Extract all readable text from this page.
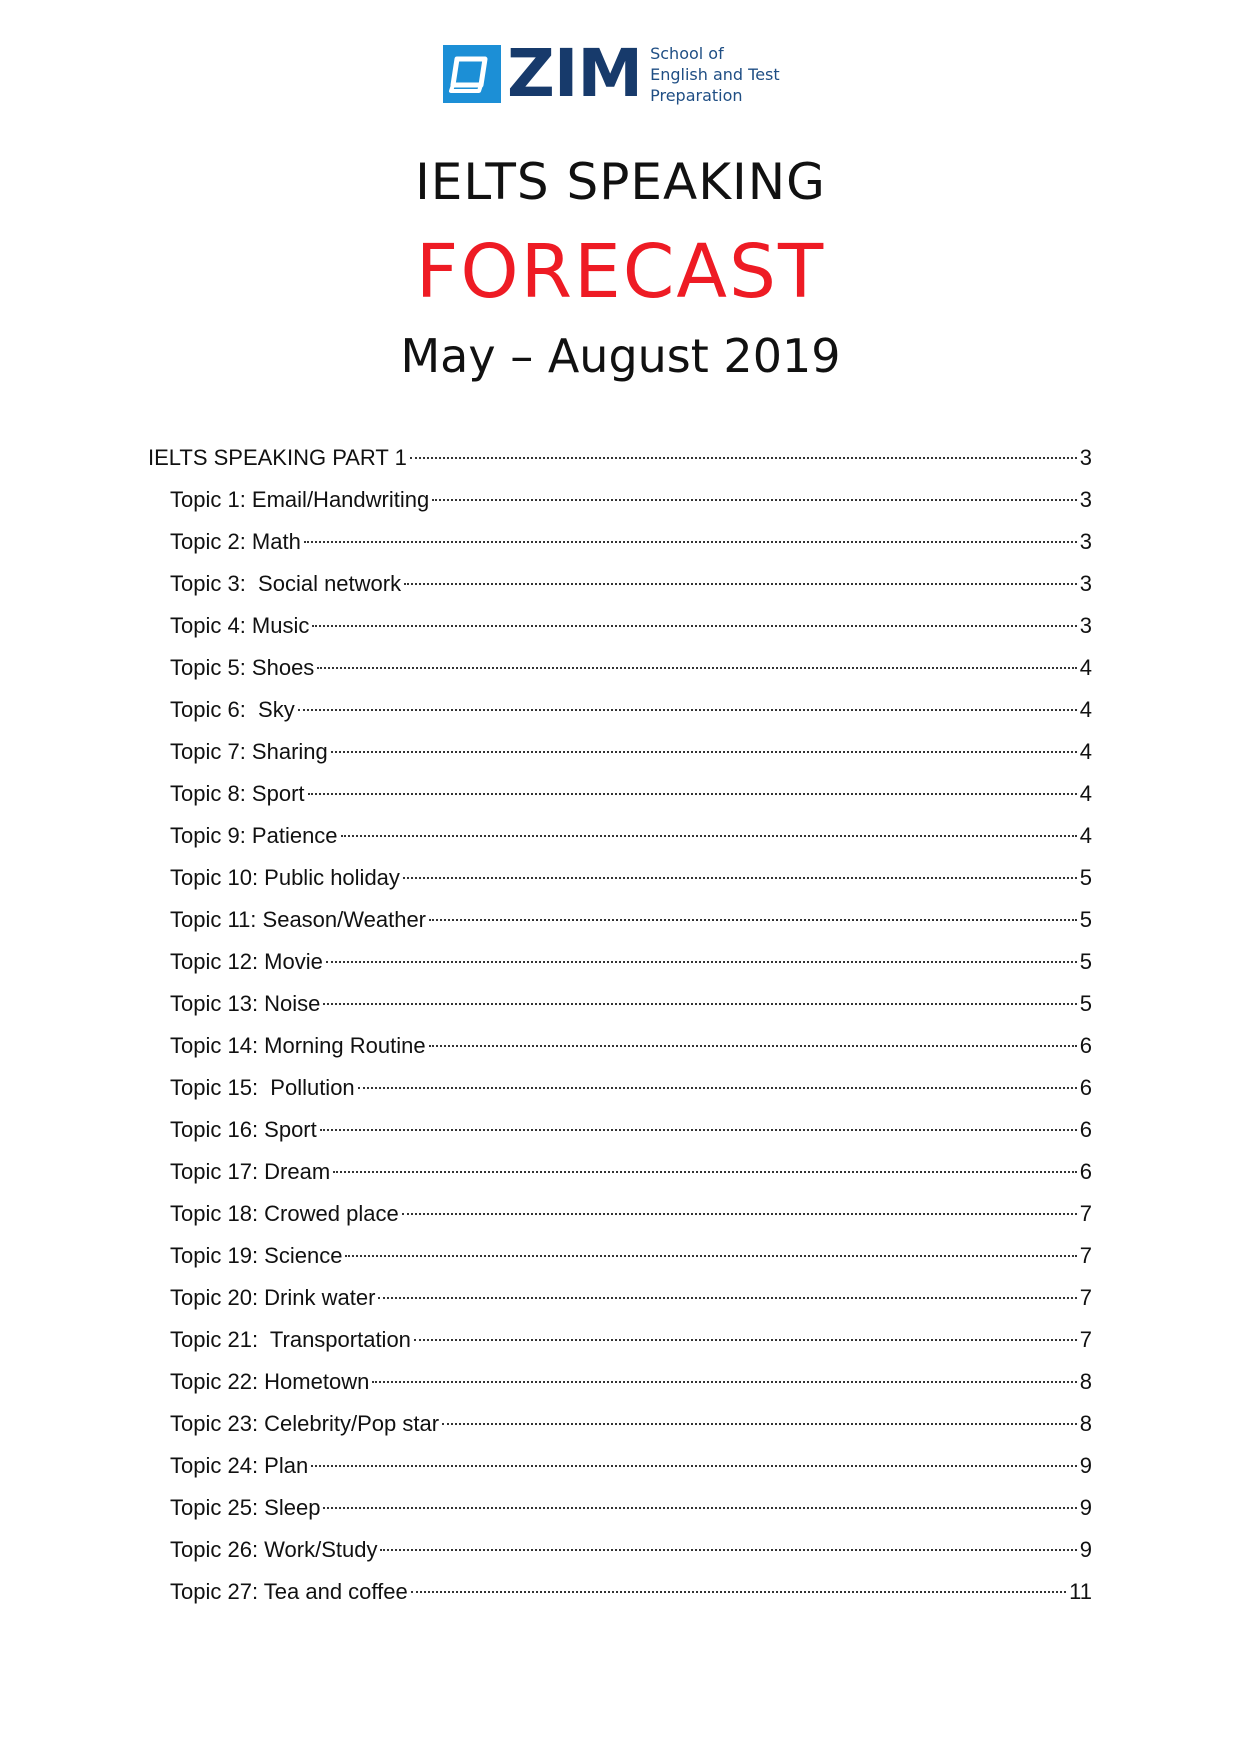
ZIM School of
English and Test
Preparation
IELTS SPEAKING
FORECAST
May – August 2019
IELTS SPEAKING PART 1	3
Topic 1: Email/Handwriting	3
Topic 2: Math	3
Topic 3:  Social network	3
Topic 4: Music	3
Topic 5: Shoes	4
Topic 6:  Sky	4
Topic 7: Sharing	4
Topic 8: Sport	4
Topic 9: Patience	4
Topic 10: Public holiday	5
Topic 11: Season/Weather	5
Topic 12: Movie	5
Topic 13: Noise	5
Topic 14: Morning Routine	6
Topic 15:  Pollution	6
Topic 16: Sport	6
Topic 17: Dream	6
Topic 18: Crowed place	7
Topic 19: Science	7
Topic 20: Drink water	7
Topic 21:  Transportation	7
Topic 22: Hometown	8
Topic 23: Celebrity/Pop star	8
Topic 24: Plan	9
Topic 25: Sleep	9
Topic 26: Work/Study	9
Topic 27: Tea and coffee	11
